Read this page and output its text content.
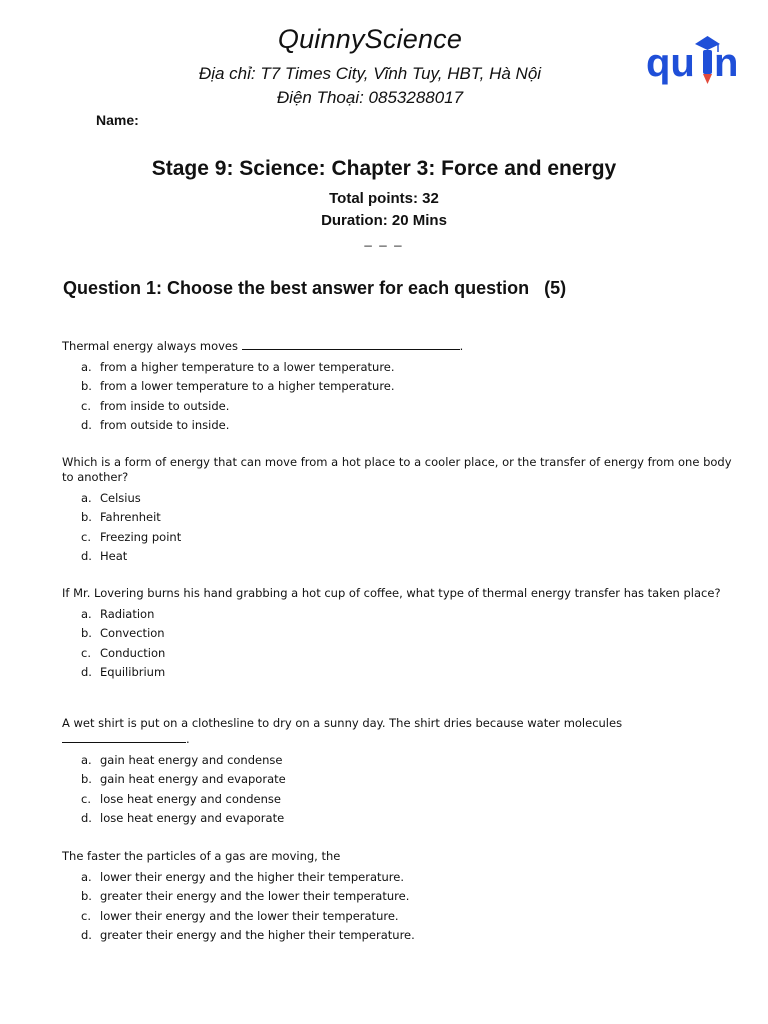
QuinnyScience
Địa chỉ: T7 Times City, Vĩnh Tuy, HBT, Hà Nội
Điện Thoại: 0853288017
qu n
Name:
Stage 9: Science: Chapter 3: Force and energy
Total points: 32
Duration: 20 Mins
_ _ _
Question 1: Choose the best answer for each question   (5)
Thermal energy always moves	.
a. from a higher temperature to a lower temperature.
b. from a lower temperature to a higher temperature.
c. from inside to outside.
d. from outside to inside.
Which is a form of energy that can move from a hot place to a cooler place, or the transfer of energy from one body to another?
a. Celsius
b. Fahrenheit
c. Freezing point
d. Heat
If Mr. Lovering burns his hand grabbing a hot cup of coffee, what type of thermal energy transfer has taken place?
a. Radiation
b. Convection
c. Conduction
d. Equilibrium
A wet shirt is put on a clothesline to dry on a sunny day. The shirt dries because water molecules
.
a. gain heat energy and condense
b. gain heat energy and evaporate
c. lose heat energy and condense
d. lose heat energy and evaporate
The faster the particles of a gas are moving, the
a. lower their energy and the higher their temperature.
b. greater their energy and the lower their temperature.
c. lower their energy and the lower their temperature.
d. greater their energy and the higher their temperature.
